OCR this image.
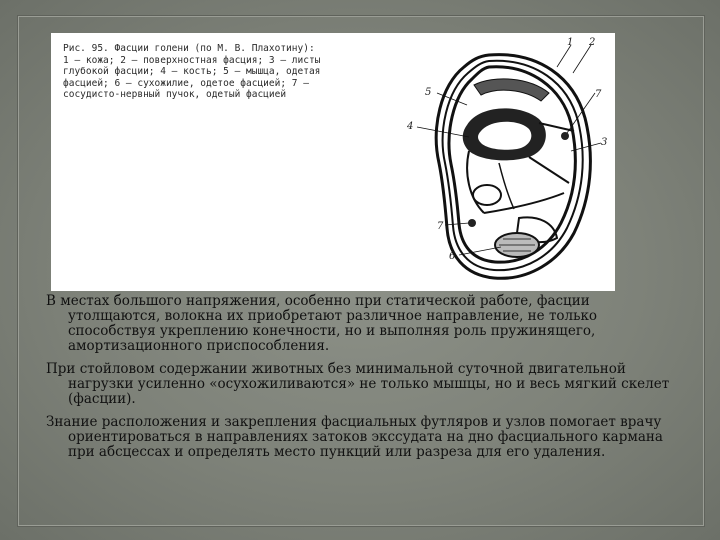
Рис. 95. Фасции голени (по М. В. Плахотину):
1 — кожа; 2 — поверхностная фасция; 3 — листы глубокой фасции; 4 — кость; 5 — мышца, одетая фасцией; 6 — сухожилие, одетое фасцией; 7 — сосудисто-нервный пучок, одетый фасцией
1 2
5
4
7
3
7
6

В местах большого напряжения, особенно при статической работе, фасции утолщаются, волокна их приобретают различное направление, не только способствуя укреплению конечности, но и выполняя роль пружинящего, амортизационного приспособления.

При стойловом содержании животных без минимальной суточной двигательной нагрузки усиленно «осухожиливаются» не только мышцы, но и весь мягкий скелет (фасции).

Знание расположения и закрепления фасциальных футляров и узлов помогает врачу ориентироваться в направлениях затоков экссудата на дно фасциального кармана при абсцессах и определять место пункций или разреза для его удаления.
